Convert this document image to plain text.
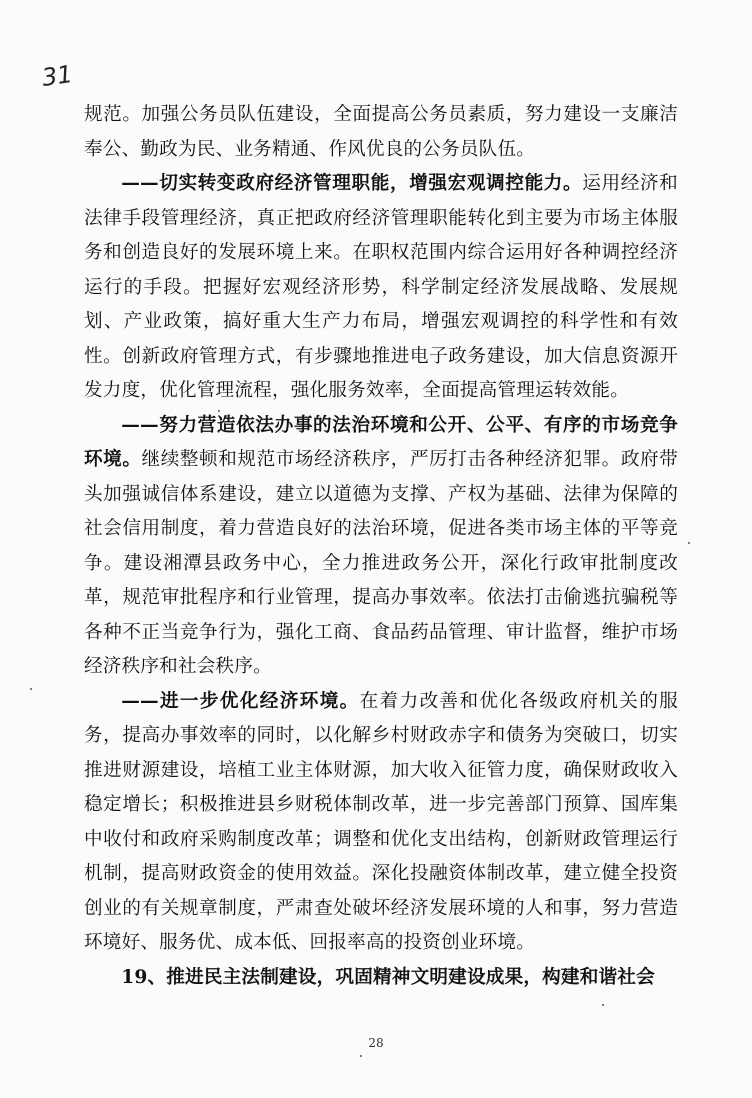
31

规范。加强公务员队伍建设，全面提高公务员素质，努力建设一支廉洁奉公、勤政为民、业务精通、作风优良的公务员队伍。

——切实转变政府经济管理职能，增强宏观调控能力。运用经济和法律手段管理经济，真正把政府经济管理职能转化到主要为市场主体服务和创造良好的发展环境上来。在职权范围内综合运用好各种调控经济运行的手段。把握好宏观经济形势，科学制定经济发展战略、发展规划、产业政策，搞好重大生产力布局，增强宏观调控的科学性和有效性。创新政府管理方式，有步骤地推进电子政务建设，加大信息资源开发力度，优化管理流程，强化服务效率，全面提高管理运转效能。

——努力营造依法办事的法治环境和公开、公平、有序的市场竞争环境。继续整顿和规范市场经济秩序，严厉打击各种经济犯罪。政府带头加强诚信体系建设，建立以道德为支撑、产权为基础、法律为保障的社会信用制度，着力营造良好的法治环境，促进各类市场主体的平等竞争。建设湘潭县政务中心，全力推进政务公开，深化行政审批制度改革，规范审批程序和行业管理，提高办事效率。依法打击偷逃抗骗税等各种不正当竞争行为，强化工商、食品药品管理、审计监督，维护市场经济秩序和社会秩序。

——进一步优化经济环境。在着力改善和优化各级政府机关的服务，提高办事效率的同时，以化解乡村财政赤字和债务为突破口，切实推进财源建设，培植工业主体财源，加大收入征管力度，确保财政收入稳定增长；积极推进县乡财税体制改革，进一步完善部门预算、国库集中收付和政府采购制度改革；调整和优化支出结构，创新财政管理运行机制，提高财政资金的使用效益。深化投融资体制改革，建立健全投资创业的有关规章制度，严肃查处破坏经济发展环境的人和事，努力营造环境好、服务优、成本低、回报率高的投资创业环境。

19、推进民主法制建设，巩固精神文明建设成果，构建和谐社会

28
